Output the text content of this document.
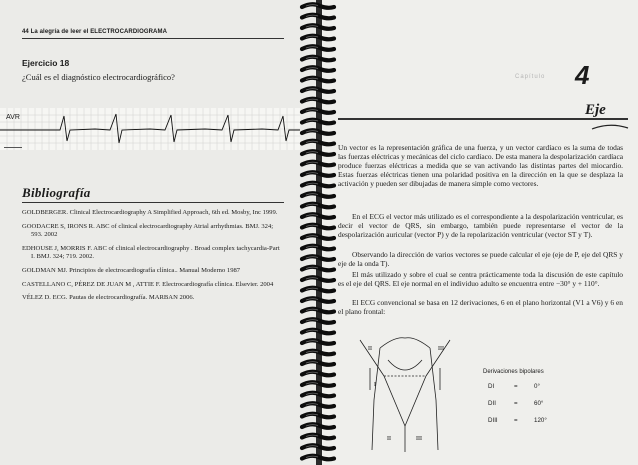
44 La alegría de leer el ELECTROCARDIOGRAMA
Ejercicio 18
¿Cuál es el diagnóstico electrocardiográfico?
AVR
Bibliografía
GOLDBERGER. Clinical Electrocardiography A Simplified Approach, 6th ed. Mosby, Inc 1999.
GOODACRE S, IRONS R. ABC of clinical electrocardiography Atrial arrhythmias. BMJ. 324; 593. 2002
EDHOUSE J, MORRIS F. ABC of clinical electrocardiography . Broad complex tachycardia-Part I. BMJ. 324; 719. 2002.
GOLDMAN MJ. Principios de electrocardiografía clínica.. Manual Moderno 1987
CASTELLANO C, PÉREZ DE JUAN M , ATTIE F. Electrocardiografía clínica. Elsevier. 2004
VÉLEZ D. ECG. Pautas de electrocardiografía. MARBAN 2006.
Capítulo 4
Eje

Un vector es la representación gráfica de una fuerza, y un vector cardíaco es la suma de todas las fuerzas eléctricas y mecánicas del ciclo cardíaco. De esta manera la despolarización cardíaca produce fuerzas eléctricas a medida que se van activando las distintas partes del miocardio. Estas fuerzas eléctricas tienen una polaridad positiva en la dirección en la que se desplaza la activación y pueden ser dibujadas de manera simple como vectores.

En el ECG el vector más utilizado es el correspondiente a la despolarización ventricular, es decir el vector de QRS, sin embargo, también puede representarse el vector de la despolarización auricular (vector P) y de la repolarización ventricular (vector ST y T).

Observando la dirección de varios vectores se puede calcular el eje (eje de P, eje del QRS y eje de la onda T).

El más utilizado y sobre el cual se centra prácticamente toda la discusión de este capítulo es el eje del QRS. El eje normal en el individuo adulto se encuentra entre −30° y + 110°.

El ECG convencional se basa en 12 derivaciones, 6 en el plano horizontal (V1 a V6) y 6 en el plano frontal:

II	III
I
II	III
Derivaciones bipolares
DI	=	0°
DII	=	60°
DIII	=	120°
